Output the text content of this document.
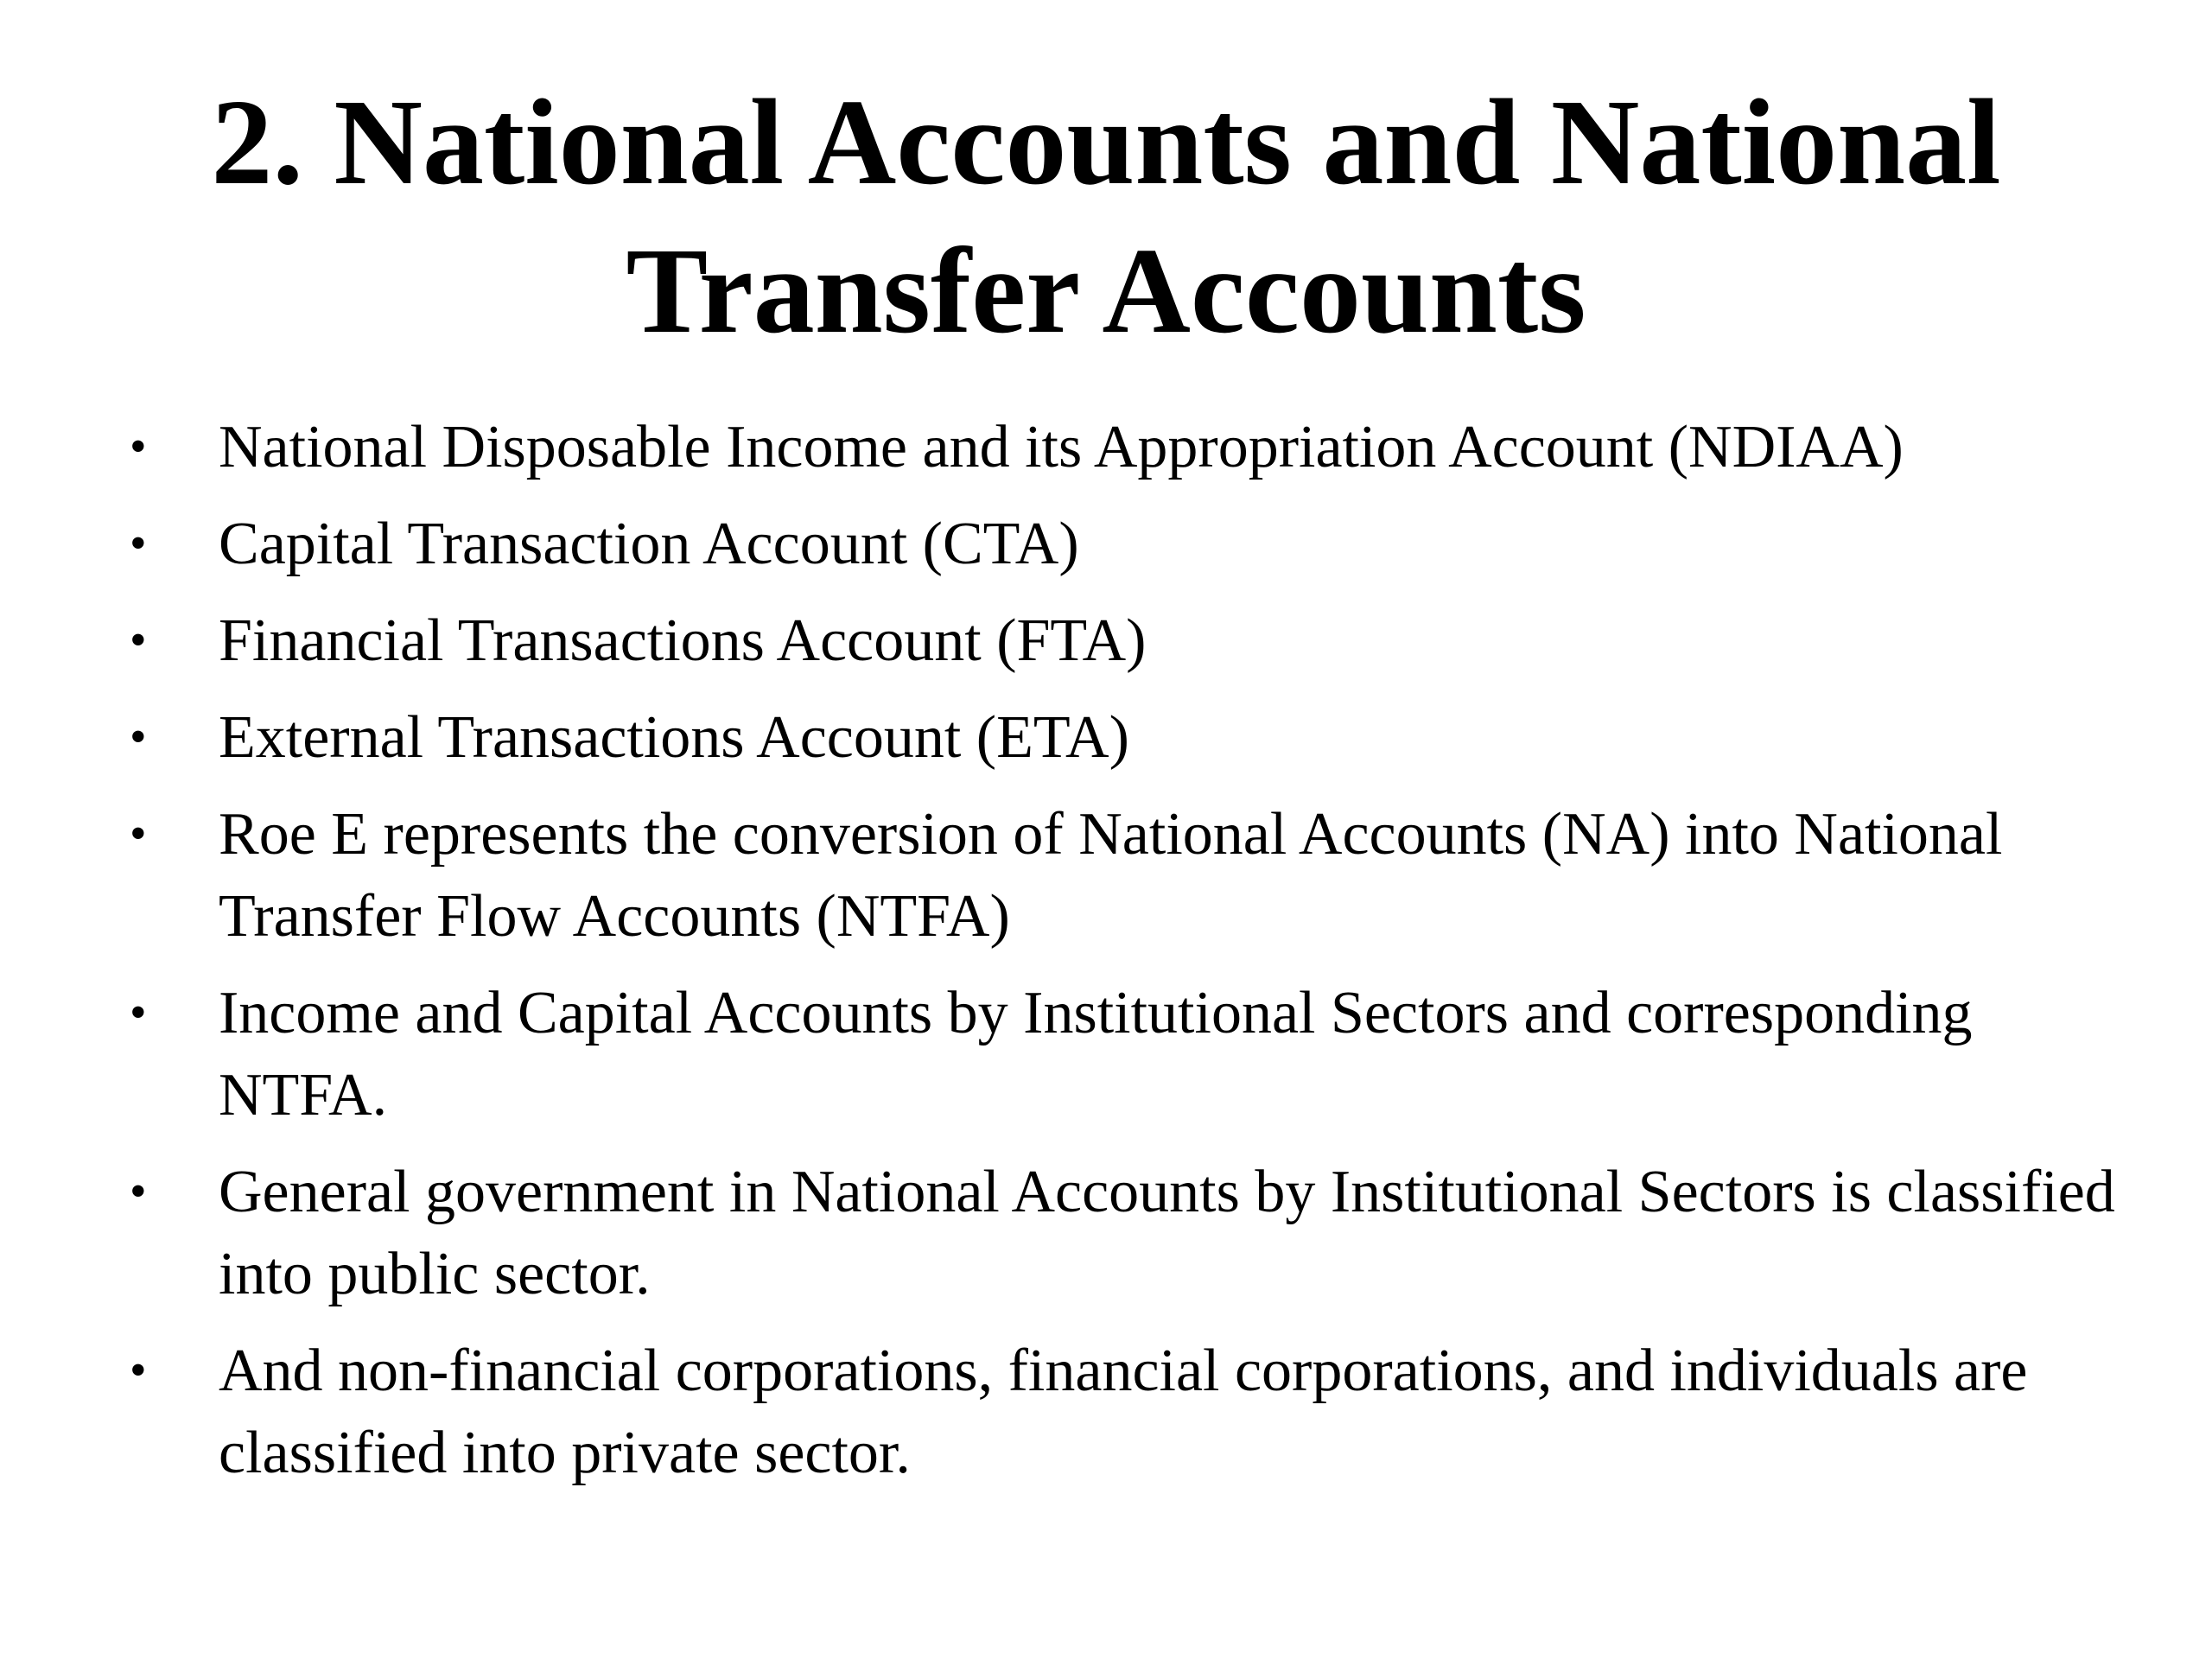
2. National Accounts and National Transfer Accounts
• National Disposable Income and its Appropriation Account (NDIAA)
• Capital Transaction Account (CTA)
• Financial Transactions Account (FTA)
• External Transactions Account (ETA)
• Roe E represents the conversion of National Accounts (NA) into National Transfer Flow Accounts (NTFA)
• Income and Capital Accounts by Institutional Sectors and corresponding NTFA.
• General government in National Accounts by Institutional Sectors is classified into public sector.
• And non-financial corporations, financial corporations, and individuals are classified into private sector.
